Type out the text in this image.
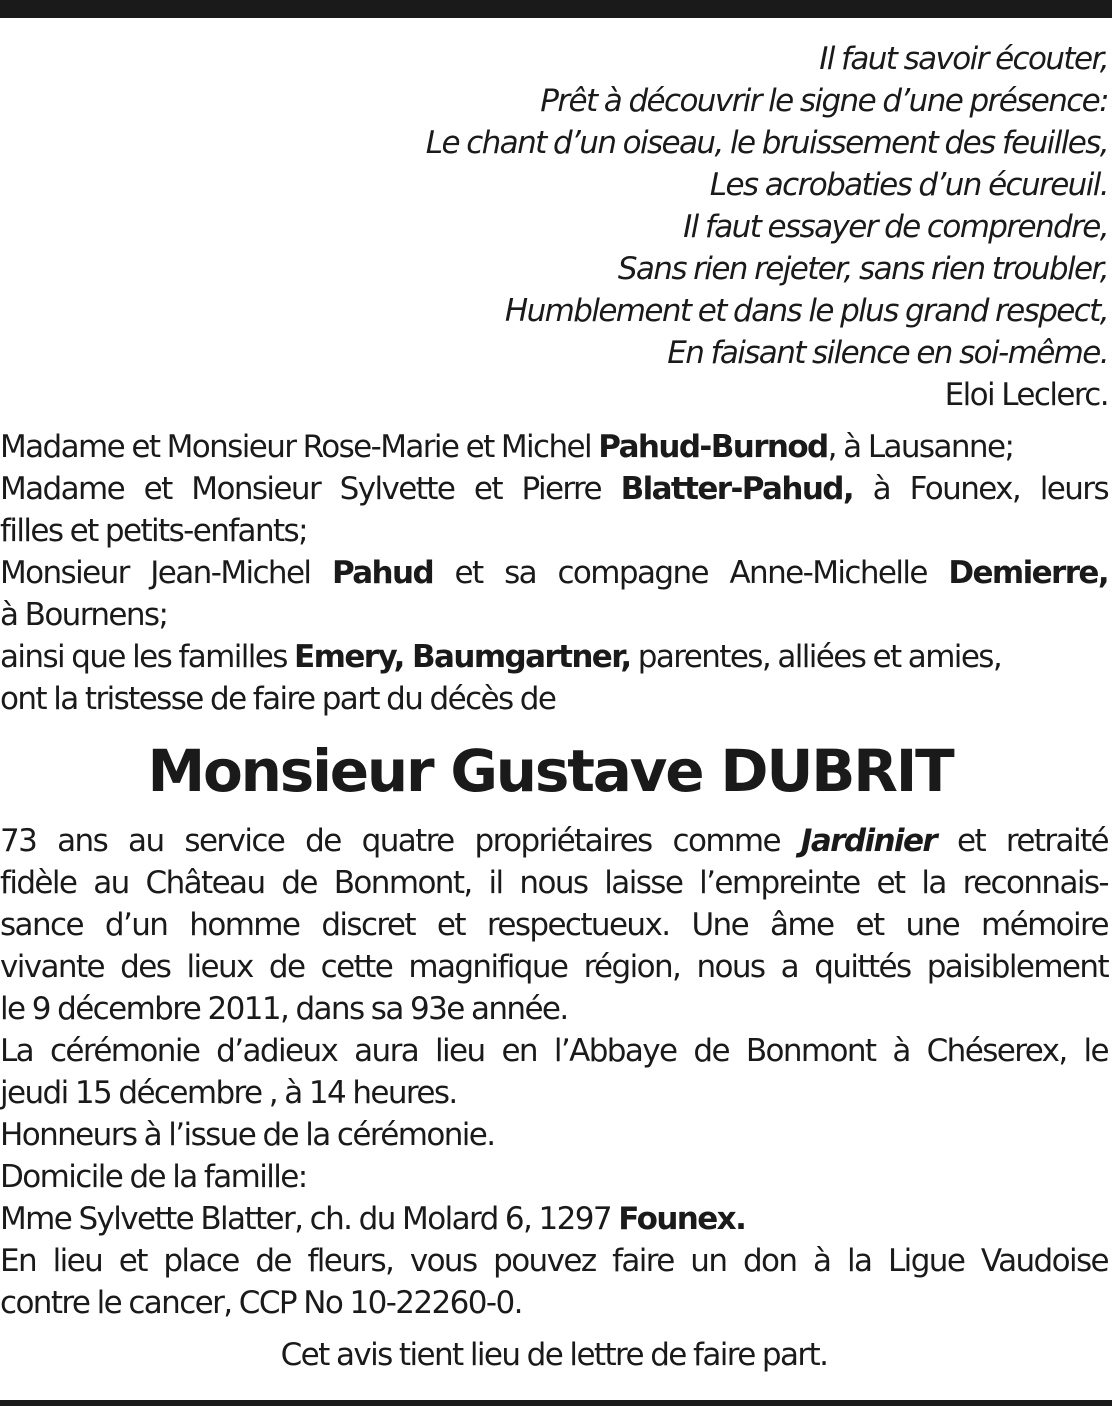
Il faut savoir écouter,
Prêt à découvrir le signe d’une présence:
Le chant d’un oiseau, le bruissement des feuilles,
Les acrobaties d’un écureuil.
Il faut essayer de comprendre,
Sans rien rejeter, sans rien troubler,
Humblement et dans le plus grand respect,
En faisant silence en soi-même.
Eloi Leclerc.
Madame et Monsieur Rose-Marie et Michel Pahud-Burnod, à Lausanne;
Madame et Monsieur Sylvette et Pierre Blatter-Pahud, à Founex, leurs
filles et petits-enfants;
Monsieur Jean-Michel Pahud et sa compagne Anne-Michelle Demierre,
à Bournens;
ainsi que les familles Emery, Baumgartner, parentes, alliées et amies,
ont la tristesse de faire part du décès de
Monsieur Gustave DUBRIT
73 ans au service de quatre propriétaires comme Jardinier et retraité
fidèle au Château de Bonmont, il nous laisse l’empreinte et la reconnais-
sance d’un homme discret et respectueux. Une âme et une mémoire
vivante des lieux de cette magnifique région, nous a quittés paisiblement
le 9 décembre 2011, dans sa 93e année.
La cérémonie d’adieux aura lieu en l’Abbaye de Bonmont à Chéserex, le
jeudi 15 décembre , à 14 heures.
Honneurs à l’issue de la cérémonie.
Domicile de la famille:
Mme Sylvette Blatter, ch. du Molard 6, 1297 Founex.
En lieu et place de fleurs, vous pouvez faire un don à la Ligue Vaudoise
contre le cancer, CCP No 10-22260-0.
Cet avis tient lieu de lettre de faire part.
